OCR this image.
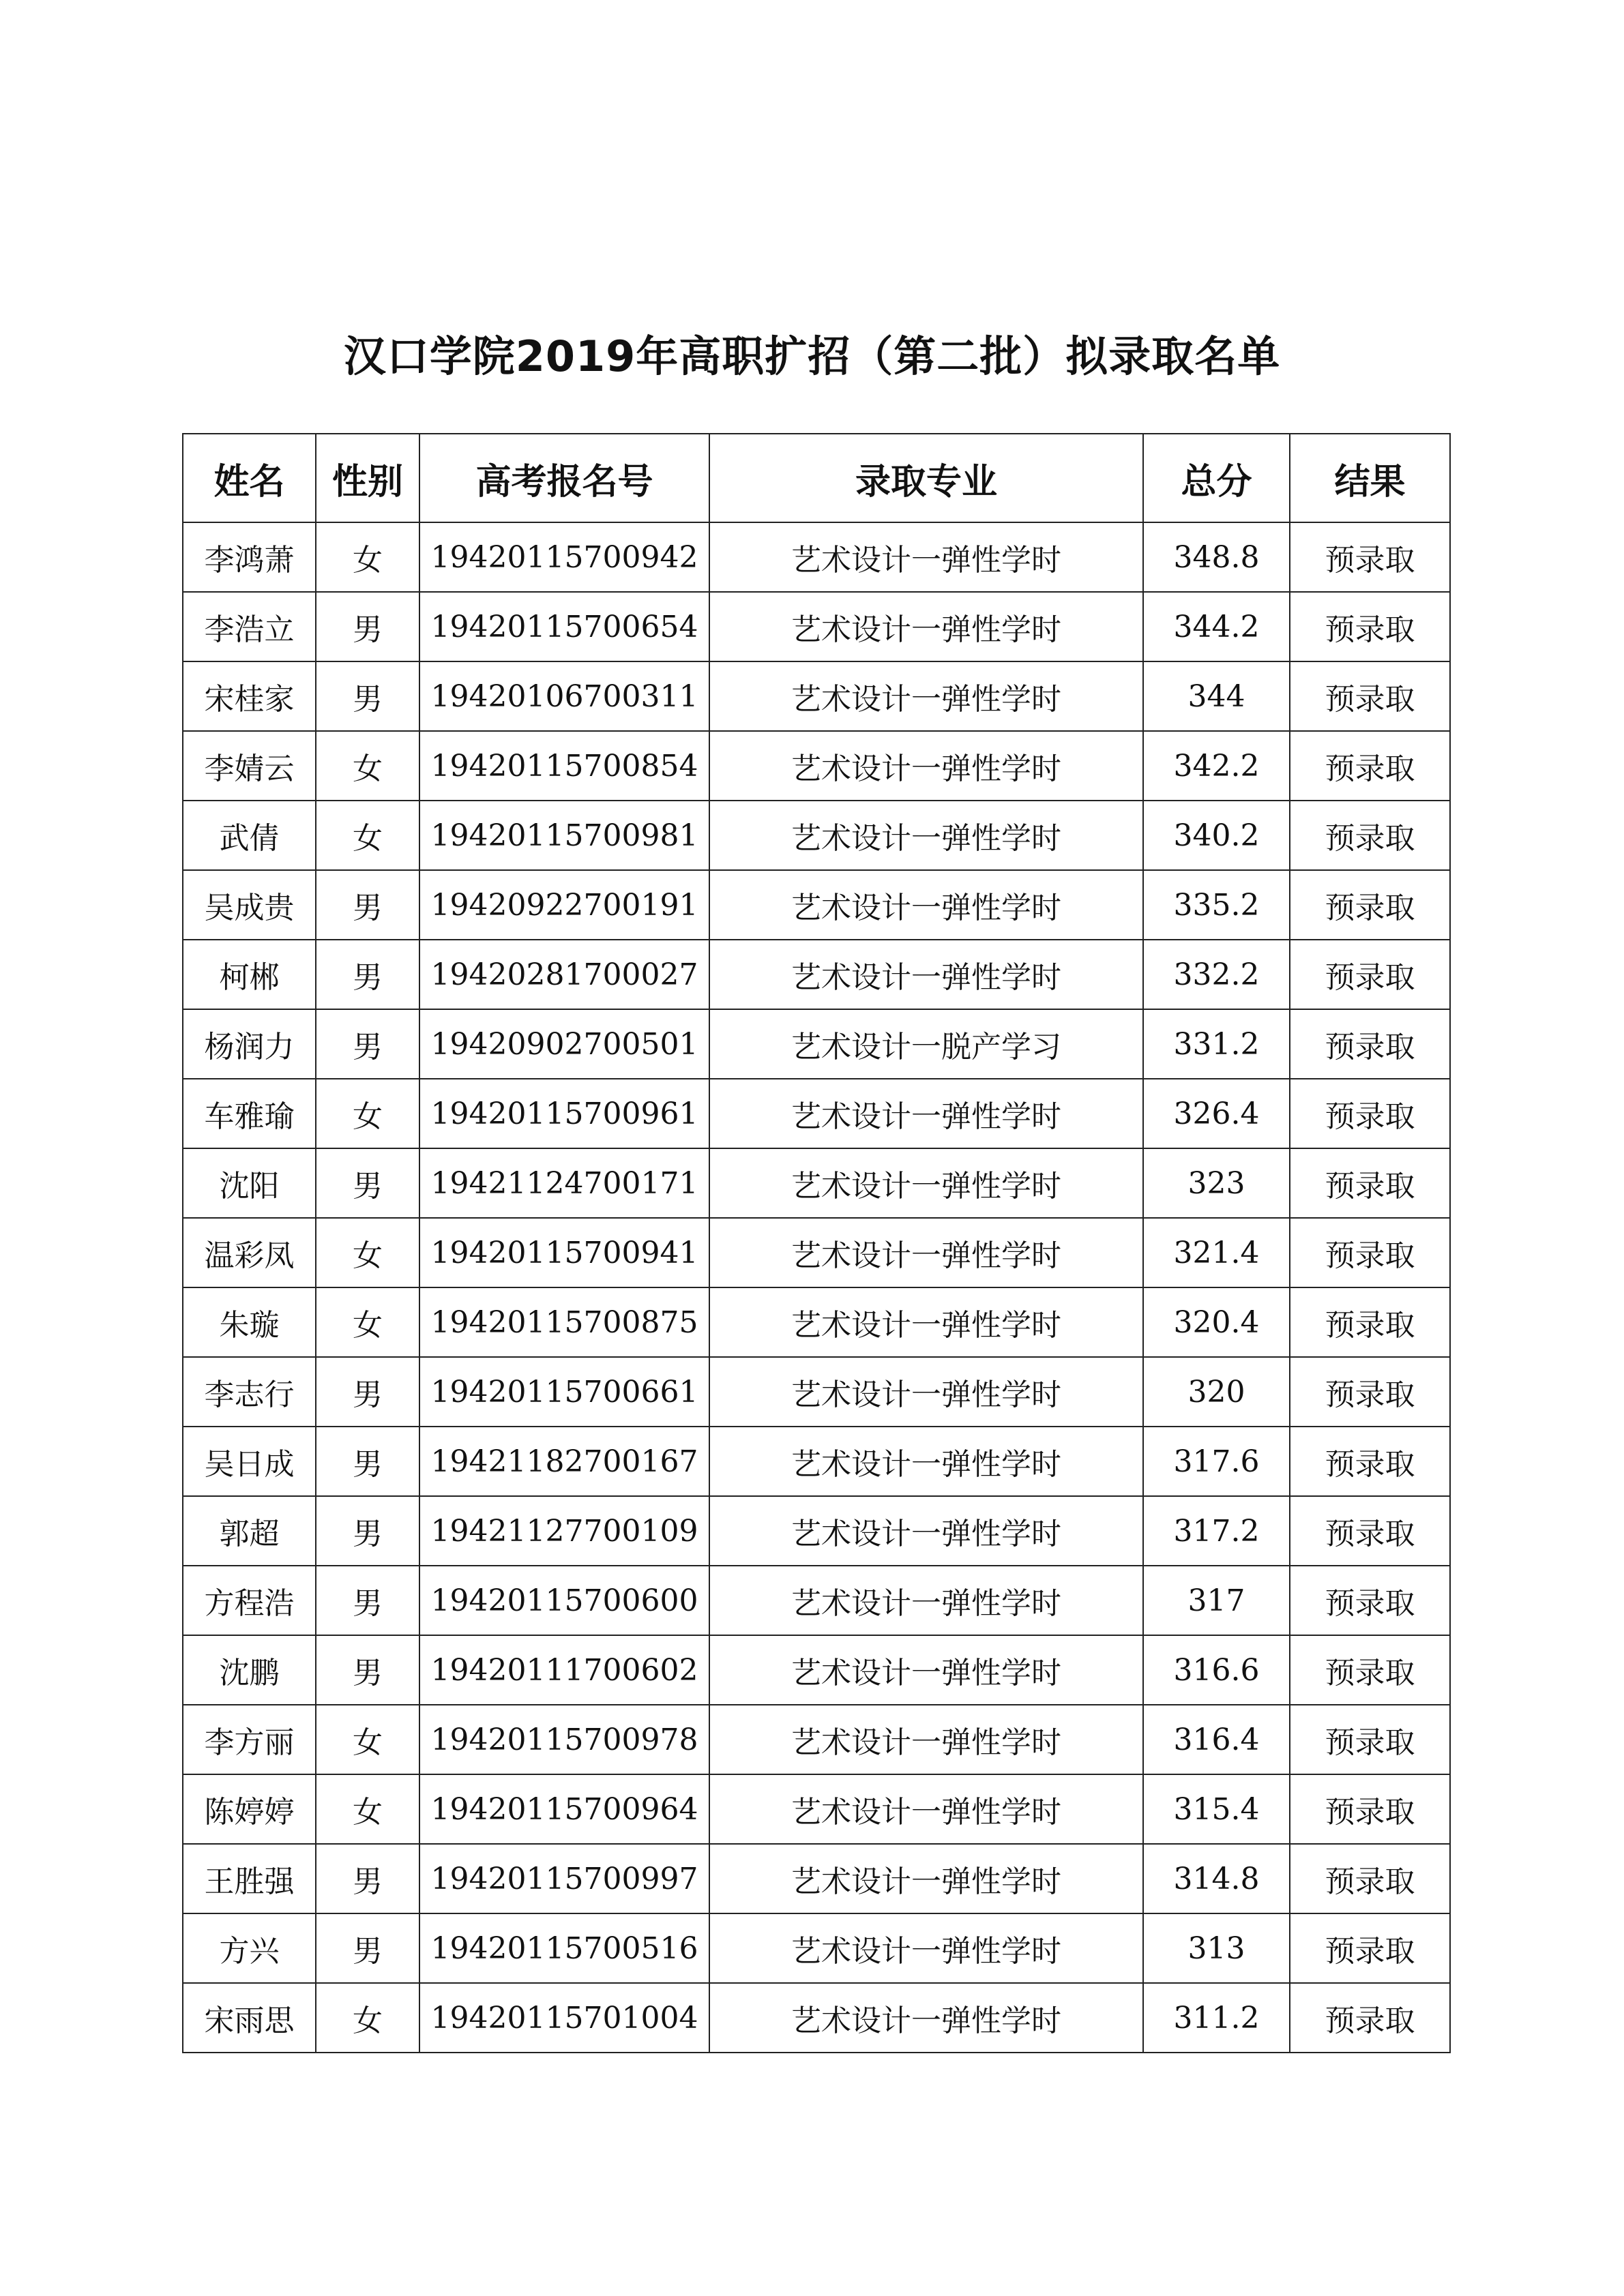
汉口学院2019年高职扩招（第二批）拟录取名单
姓名	性别	高考报名号	录取专业	总分	结果
李鸿萧	女	19420115700942	艺术设计一弹性学时	348.8	预录取
李浩立	男	19420115700654	艺术设计一弹性学时	344.2	预录取
宋桂家	男	19420106700311	艺术设计一弹性学时	344	预录取
李婧云	女	19420115700854	艺术设计一弹性学时	342.2	预录取
武倩	女	19420115700981	艺术设计一弹性学时	340.2	预录取
吴成贵	男	19420922700191	艺术设计一弹性学时	335.2	预录取
柯郴	男	19420281700027	艺术设计一弹性学时	332.2	预录取
杨润力	男	19420902700501	艺术设计一脱产学习	331.2	预录取
车雅瑜	女	19420115700961	艺术设计一弹性学时	326.4	预录取
沈阳	男	19421124700171	艺术设计一弹性学时	323	预录取
温彩凤	女	19420115700941	艺术设计一弹性学时	321.4	预录取
朱璇	女	19420115700875	艺术设计一弹性学时	320.4	预录取
李志行	男	19420115700661	艺术设计一弹性学时	320	预录取
吴日成	男	19421182700167	艺术设计一弹性学时	317.6	预录取
郭超	男	19421127700109	艺术设计一弹性学时	317.2	预录取
方程浩	男	19420115700600	艺术设计一弹性学时	317	预录取
沈鹏	男	19420111700602	艺术设计一弹性学时	316.6	预录取
李方丽	女	19420115700978	艺术设计一弹性学时	316.4	预录取
陈婷婷	女	19420115700964	艺术设计一弹性学时	315.4	预录取
王胜强	男	19420115700997	艺术设计一弹性学时	314.8	预录取
方兴	男	19420115700516	艺术设计一弹性学时	313	预录取
宋雨思	女	19420115701004	艺术设计一弹性学时	311.2	预录取
